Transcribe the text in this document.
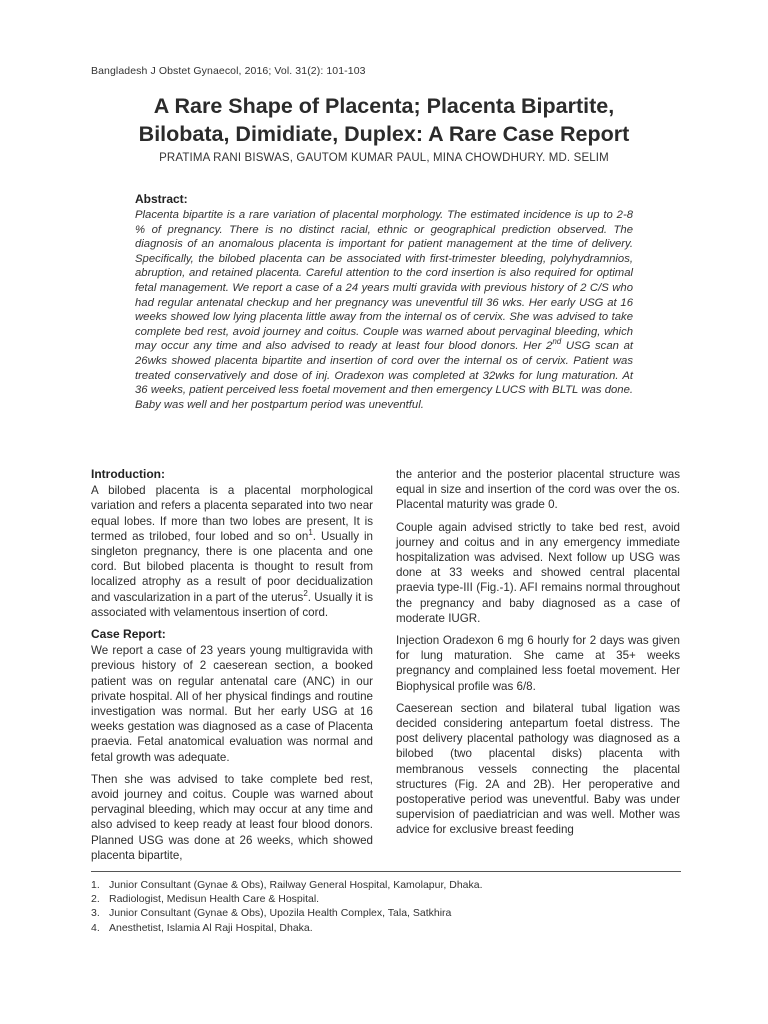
Bangladesh J Obstet Gynaecol, 2016; Vol. 31(2): 101-103
A Rare Shape of Placenta; Placenta Bipartite,
Bilobata, Dimidiate, Duplex: A Rare Case Report
PRATIMA RANI BISWAS, GAUTOM KUMAR PAUL, MINA CHOWDHURY. MD. SELIM
Abstract:

Placenta bipartite is a rare variation of placental morphology. The estimated incidence is up to 2-8 % of pregnancy. There is no distinct racial, ethnic or geographical prediction observed. The diagnosis of an anomalous placenta is important for patient management at the time of delivery. Specifically, the bilobed placenta can be associated with first-trimester bleeding, polyhydramnios, abruption, and retained placenta. Careful attention to the cord insertion is also required for optimal fetal management. We report a case of a 24 years multi gravida with previous history of 2 C/S who had regular antenatal checkup and her pregnancy was uneventful till 36 wks. Her early USG at 16 weeks showed low lying placenta little away from the internal os of cervix. She was advised to take complete bed rest, avoid journey and coitus. Couple was warned about pervaginal bleeding, which may occur any time and also advised to ready at least four blood donors. Her 2nd USG scan at 26wks showed placenta bipartite and insertion of cord over the internal os of cervix. Patient was treated conservatively and dose of inj. Oradexon was completed at 32wks for lung maturation. At 36 weeks, patient perceived less foetal movement and then emergency LUCS with BLTL was done. Baby was well and her postpartum period was uneventful.

Introduction:

A bilobed placenta is a placental morphological variation and refers a placenta separated into two near equal lobes. If more than two lobes are present, It is termed as trilobed, four lobed and so $on^1$. Usually in singleton pregnancy, there is one placenta and one cord. But bilobed placenta is thought to result from localized atrophy as a result of poor decidualization and vascularization in a part of the uterus$^2$. Usually it is associated with velamentous insertion of cord.

Case Report:

We report a case of 23 years young multigravida with previous history of 2 caeserean section, a booked patient was on regular antenatal care (ANC) in our private hospital. All of her physical findings and routine investigation was normal. But her early USG at 16 weeks gestation was diagnosed as a case of Placenta praevia. Fetal anatomical evaluation was normal and fetal growth was adequate.

Then she was advised to take complete bed rest, avoid journey and coitus. Couple was warned about pervaginal bleeding, which may occur at any time and also advised to keep ready at least four blood donors. Planned USG was done at 26 weeks, which showed placenta bipartite,

the anterior and the posterior placental structure was equal in size and insertion of the cord was over the os. Placental maturity was grade 0.

Couple again advised strictly to take bed rest, avoid journey and coitus and in any emergency immediate hospitalization was advised. Next follow up USG was done at 33 weeks and showed central placental praevia type-III (Fig.-1). AFI remains normal throughout the pregnancy and baby diagnosed as a case of moderate IUGR.

Injection Oradexon 6 mg 6 hourly for 2 days was given for lung maturation. She came at 35+ weeks pregnancy and complained less foetal movement. Her Biophysical profile was 6/8.

Caeserean section and bilateral tubal ligation was decided considering antepartum foetal distress. The post delivery placental pathology was diagnosed as a bilobed (two placental disks) placenta with membranous vessels connecting the placental structures (Fig. 2A and 2B). Her peroperative and postoperative period was uneventful. Baby was under supervision of paediatrician and was well. Mother was advice for exclusive breast feeding

1. Junior Consultant (Gynae & Obs), Railway General Hospital, Kamolapur, Dhaka.
2. Radiologist, Medisun Health Care & Hospital.
3. Junior Consultant (Gynae & Obs), Upozila Health Complex, Tala, Satkhira
4. Anesthetist, Islamia Al Raji Hospital, Dhaka.
